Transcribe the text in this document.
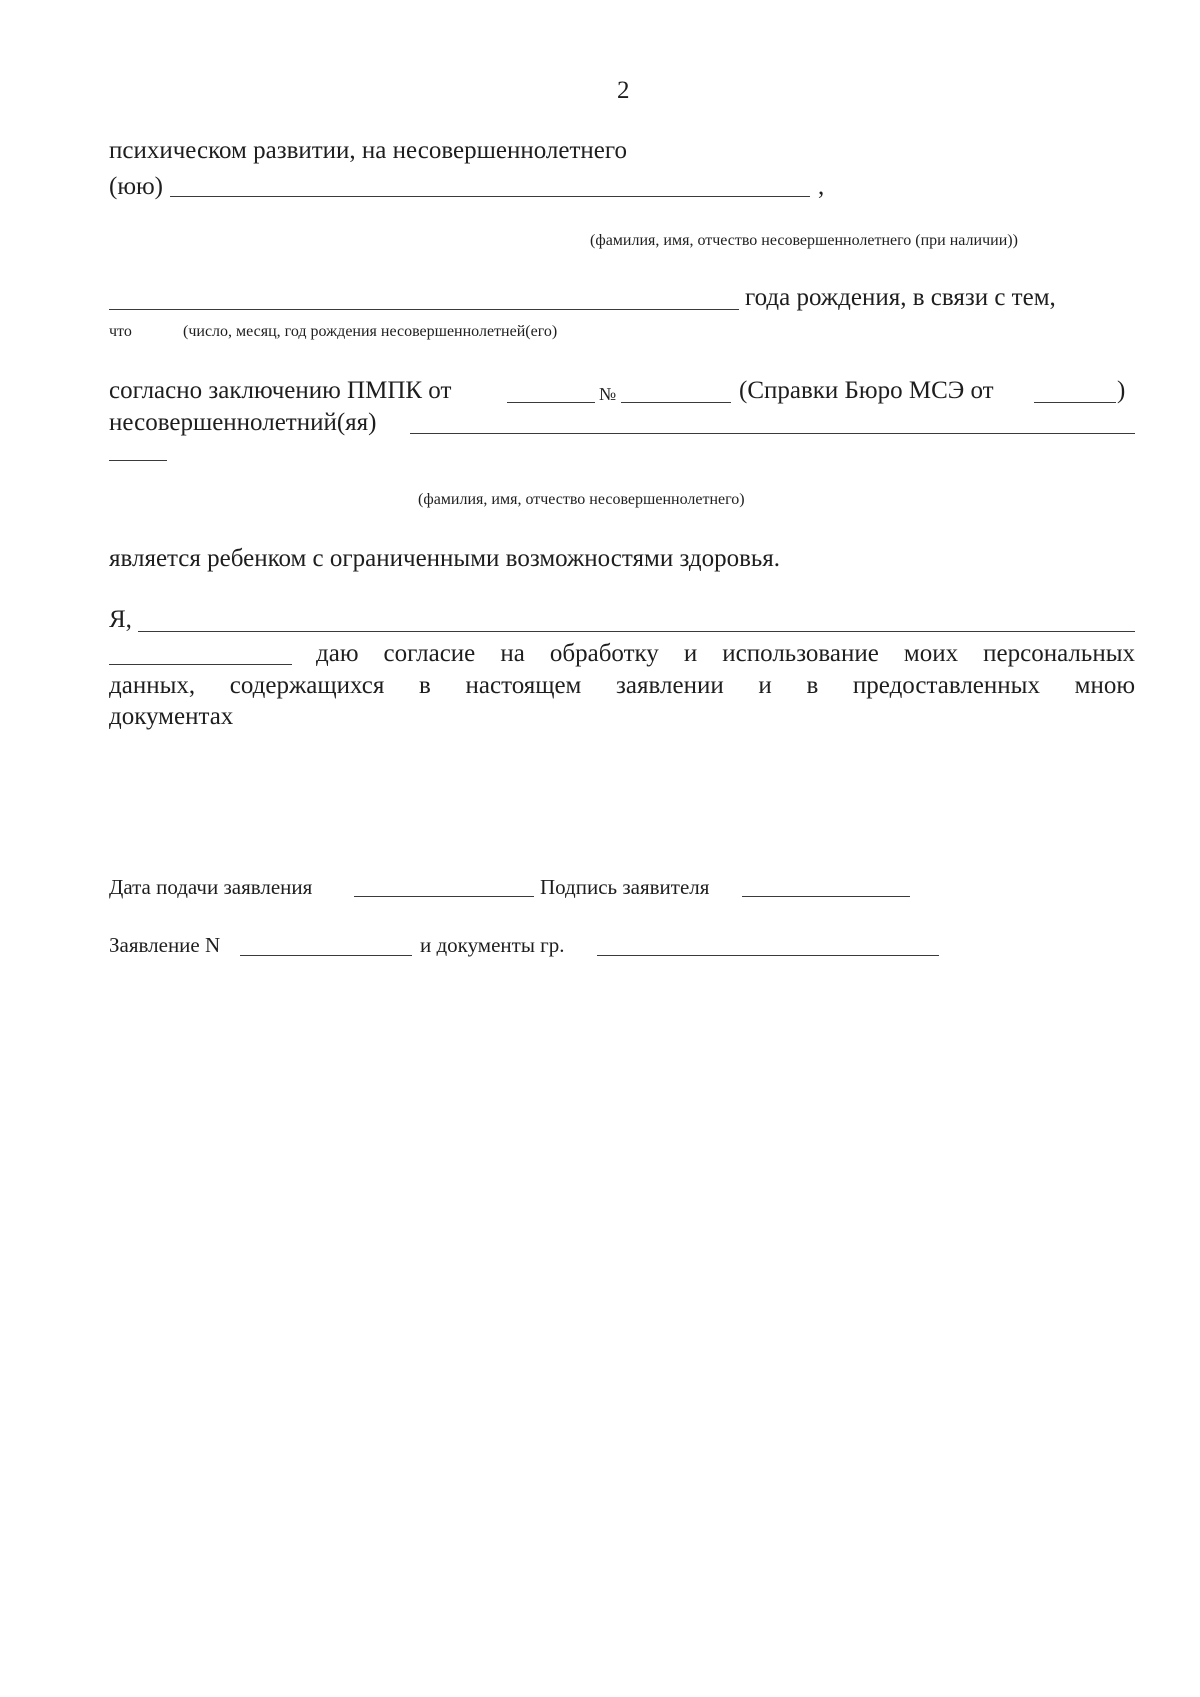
2
психическом развитии, на несовершеннолетнего
(юю)	,
(фамилия, имя, отчество несовершеннолетнего (при наличии))
года рождения, в связи с тем,
что	(число, месяц, год рождения несовершеннолетней(его)
согласно заключению ПМПК от	№	(Справки Бюро МСЭ от	)
несовершеннолетний(яя)
(фамилия, имя, отчество несовершеннолетнего)
является ребенком с ограниченными возможностями здоровья.
Я,
даю согласие на обработку и использование моих персональных
данных, содержащихся в настоящем заявлении и в предоставленных мною
документах
Дата подачи заявления	Подпись заявителя
Заявление N	и документы гр.
